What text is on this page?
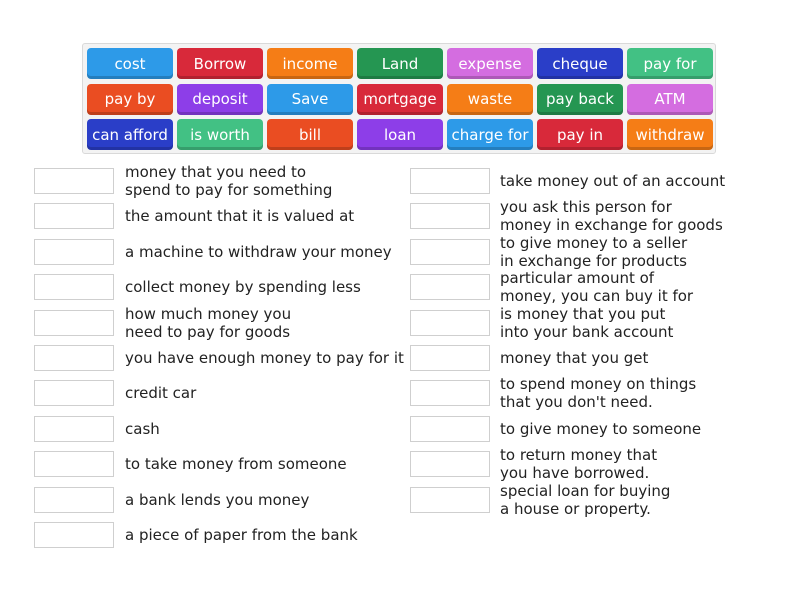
cost	Borrow	income	Land	expense	cheque	pay for
pay by	deposit	Save	mortgage	waste	pay back	ATM
can afford	is worth	bill	loan	charge for	pay in	withdraw
money that you need to
spend to pay for something
the amount that it is valued at
a machine to withdraw your money
collect money by spending less
how much money you
need to pay for goods
you have enough money to pay for it
credit car
cash
to take money from someone
a bank lends you money
a piece of paper from the bank
take money out of an account
you ask this person for
money in exchange for goods
to give money to a seller
in exchange for products
particular amount of
money, you can buy it for
is money that you put
into your bank account
money that you get
to spend money on things
that you don't need.
to give money to someone
to return money that
you have borrowed.
special loan for buying
a house or property.
